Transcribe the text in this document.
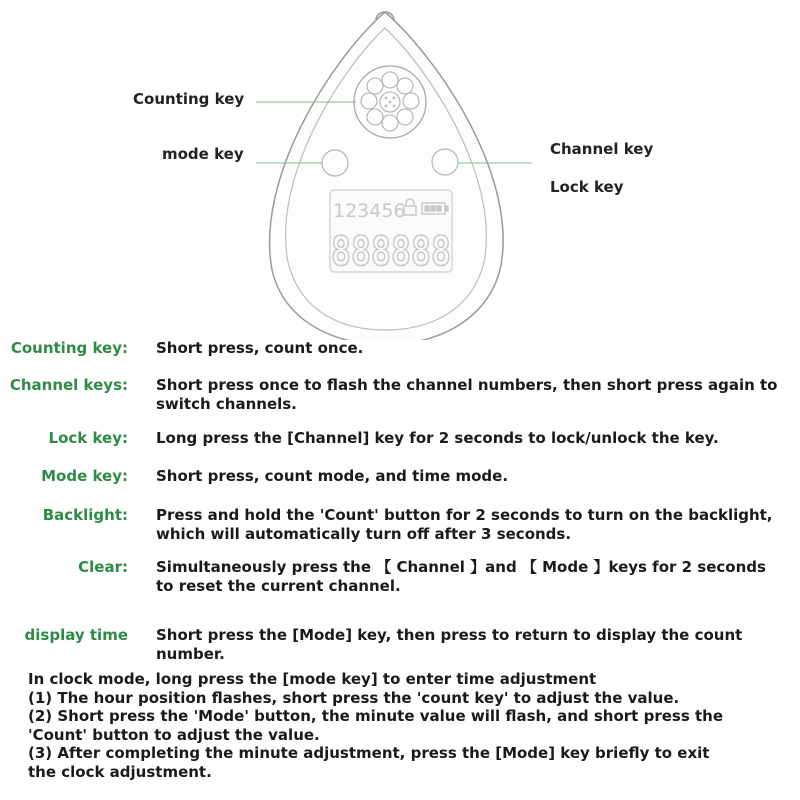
123456
888888
Counting key
mode key	Channel key
Lock key
Counting key: Short press, count once.
Channel keys: Short press once to flash the channel numbers, then short press again to
switch channels.
Lock key: Long press the [Channel] key for 2 seconds to lock/unlock the key.
Mode key: Short press, count mode, and time mode.
Backlight: Press and hold the 'Count' button for 2 seconds to turn on the backlight,
which will automatically turn off after 3 seconds.
Clear: Simultaneously press the 【 Channel 】and 【 Mode 】keys for 2 seconds
to reset the current channel.
display time Short press the [Mode] key, then press to return to display the count number.
In clock mode, long press the [mode key] to enter time adjustment
(1) The hour position flashes, short press the 'count key' to adjust the value.
(2) Short press the 'Mode' button, the minute value will flash, and short press the
'Count' button to adjust the value.
(3) After completing the minute adjustment, press the [Mode] key briefly to exit
the clock adjustment.
